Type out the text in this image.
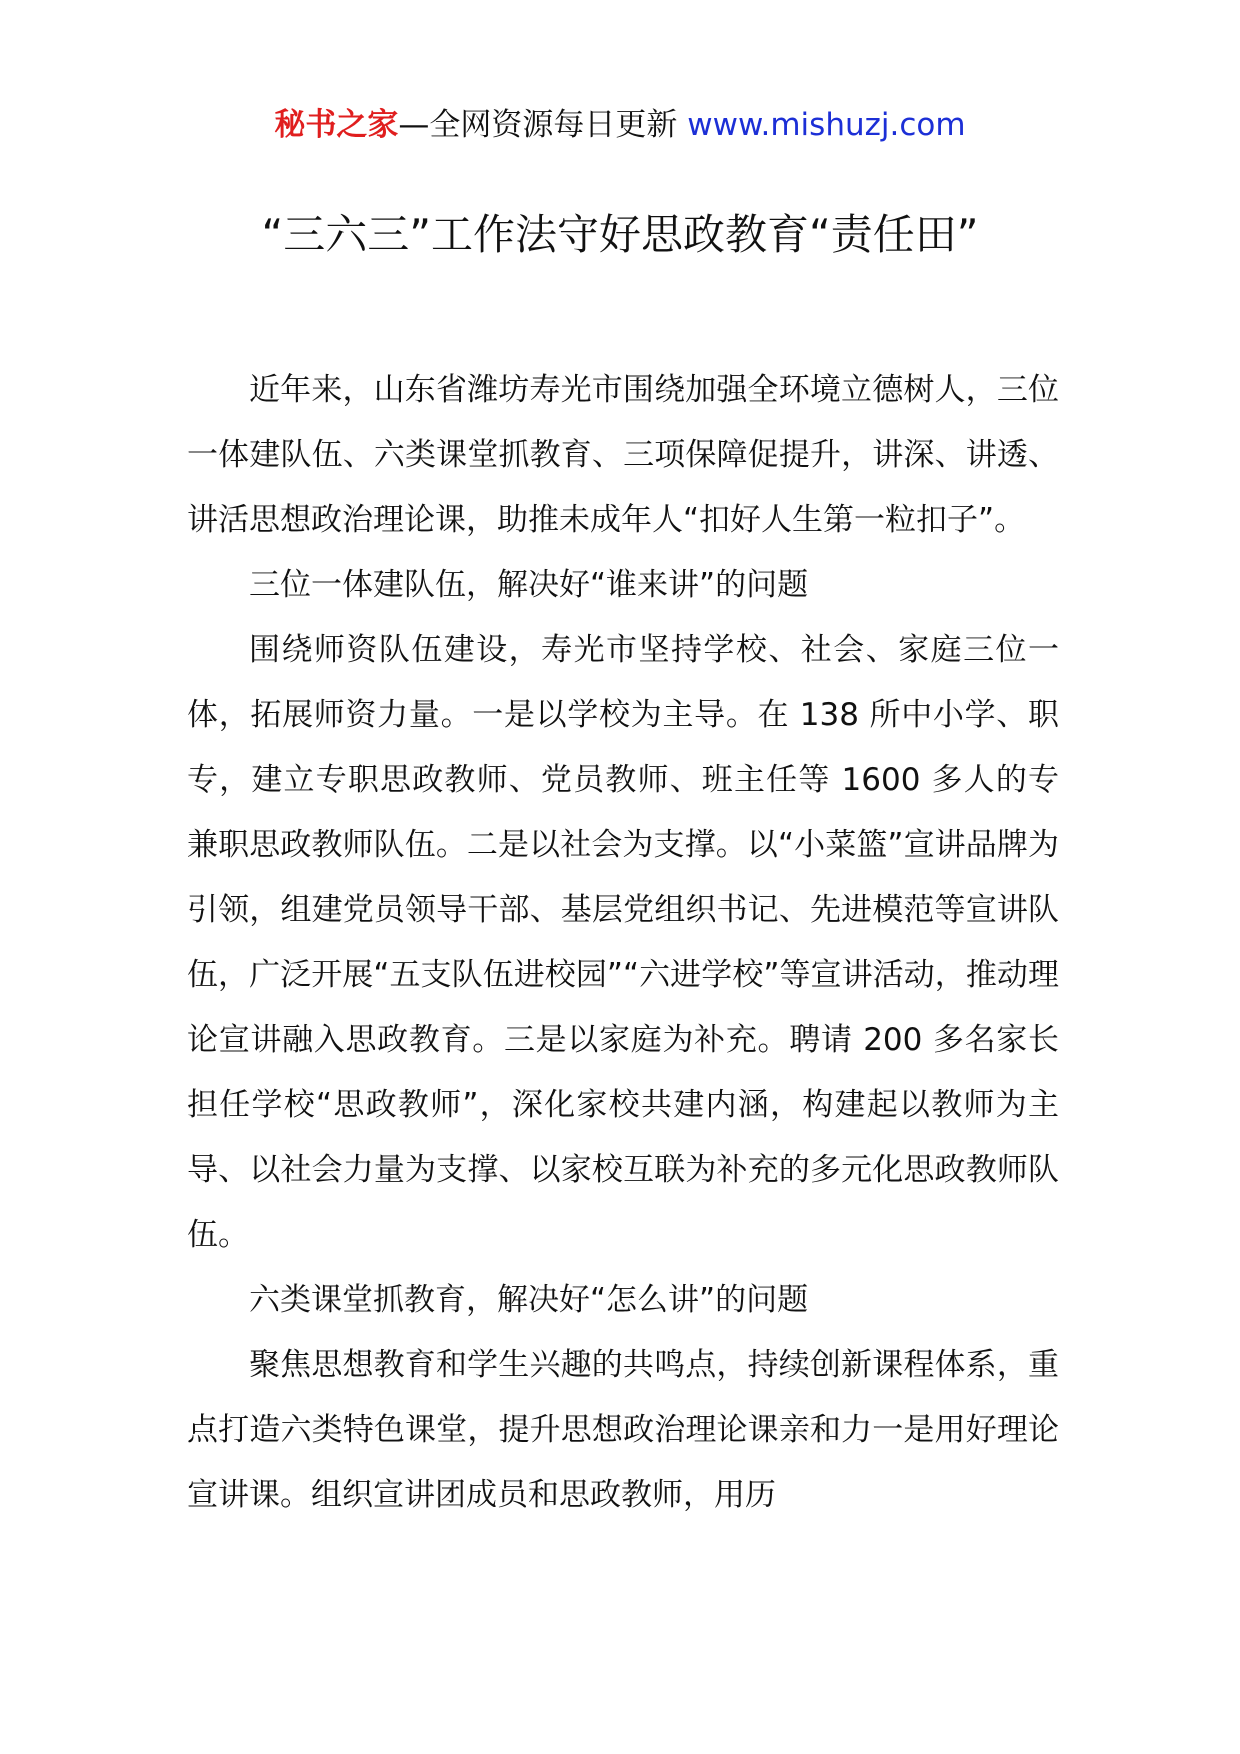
秘书之家—全网资源每日更新 www.mishuzj.com
“三六三”工作法守好思政教育“责任田”

近年来，山东省潍坊寿光市围绕加强全环境立德树人，三位一体建队伍、六类课堂抓教育、三项保障促提升，讲深、讲透、讲活思想政治理论课，助推未成年人“扣好人生第一粒扣子”。

三位一体建队伍，解决好“谁来讲”的问题

围绕师资队伍建设，寿光市坚持学校、社会、家庭三位一体，拓展师资力量。一是以学校为主导。在 138 所中小学、职专，建立专职思政教师、党员教师、班主任等 1600 多人的专兼职思政教师队伍。二是以社会为支撑。以“小菜篮”宣讲品牌为引领，组建党员领导干部、基层党组织书记、先进模范等宣讲队伍，广泛开展“五支队伍进校园”“六进学校”等宣讲活动，推动理论宣讲融入思政教育。三是以家庭为补充。聘请 200 多名家长担任学校“思政教师”，深化家校共建内涵，构建起以教师为主导、以社会力量为支撑、以家校互联为补充的多元化思政教师队伍。

六类课堂抓教育，解决好“怎么讲”的问题

聚焦思想教育和学生兴趣的共鸣点，持续创新课程体系，重点打造六类特色课堂，提升思想政治理论课亲和力一是用好理论宣讲课。组织宣讲团成员和思政教师，用历
